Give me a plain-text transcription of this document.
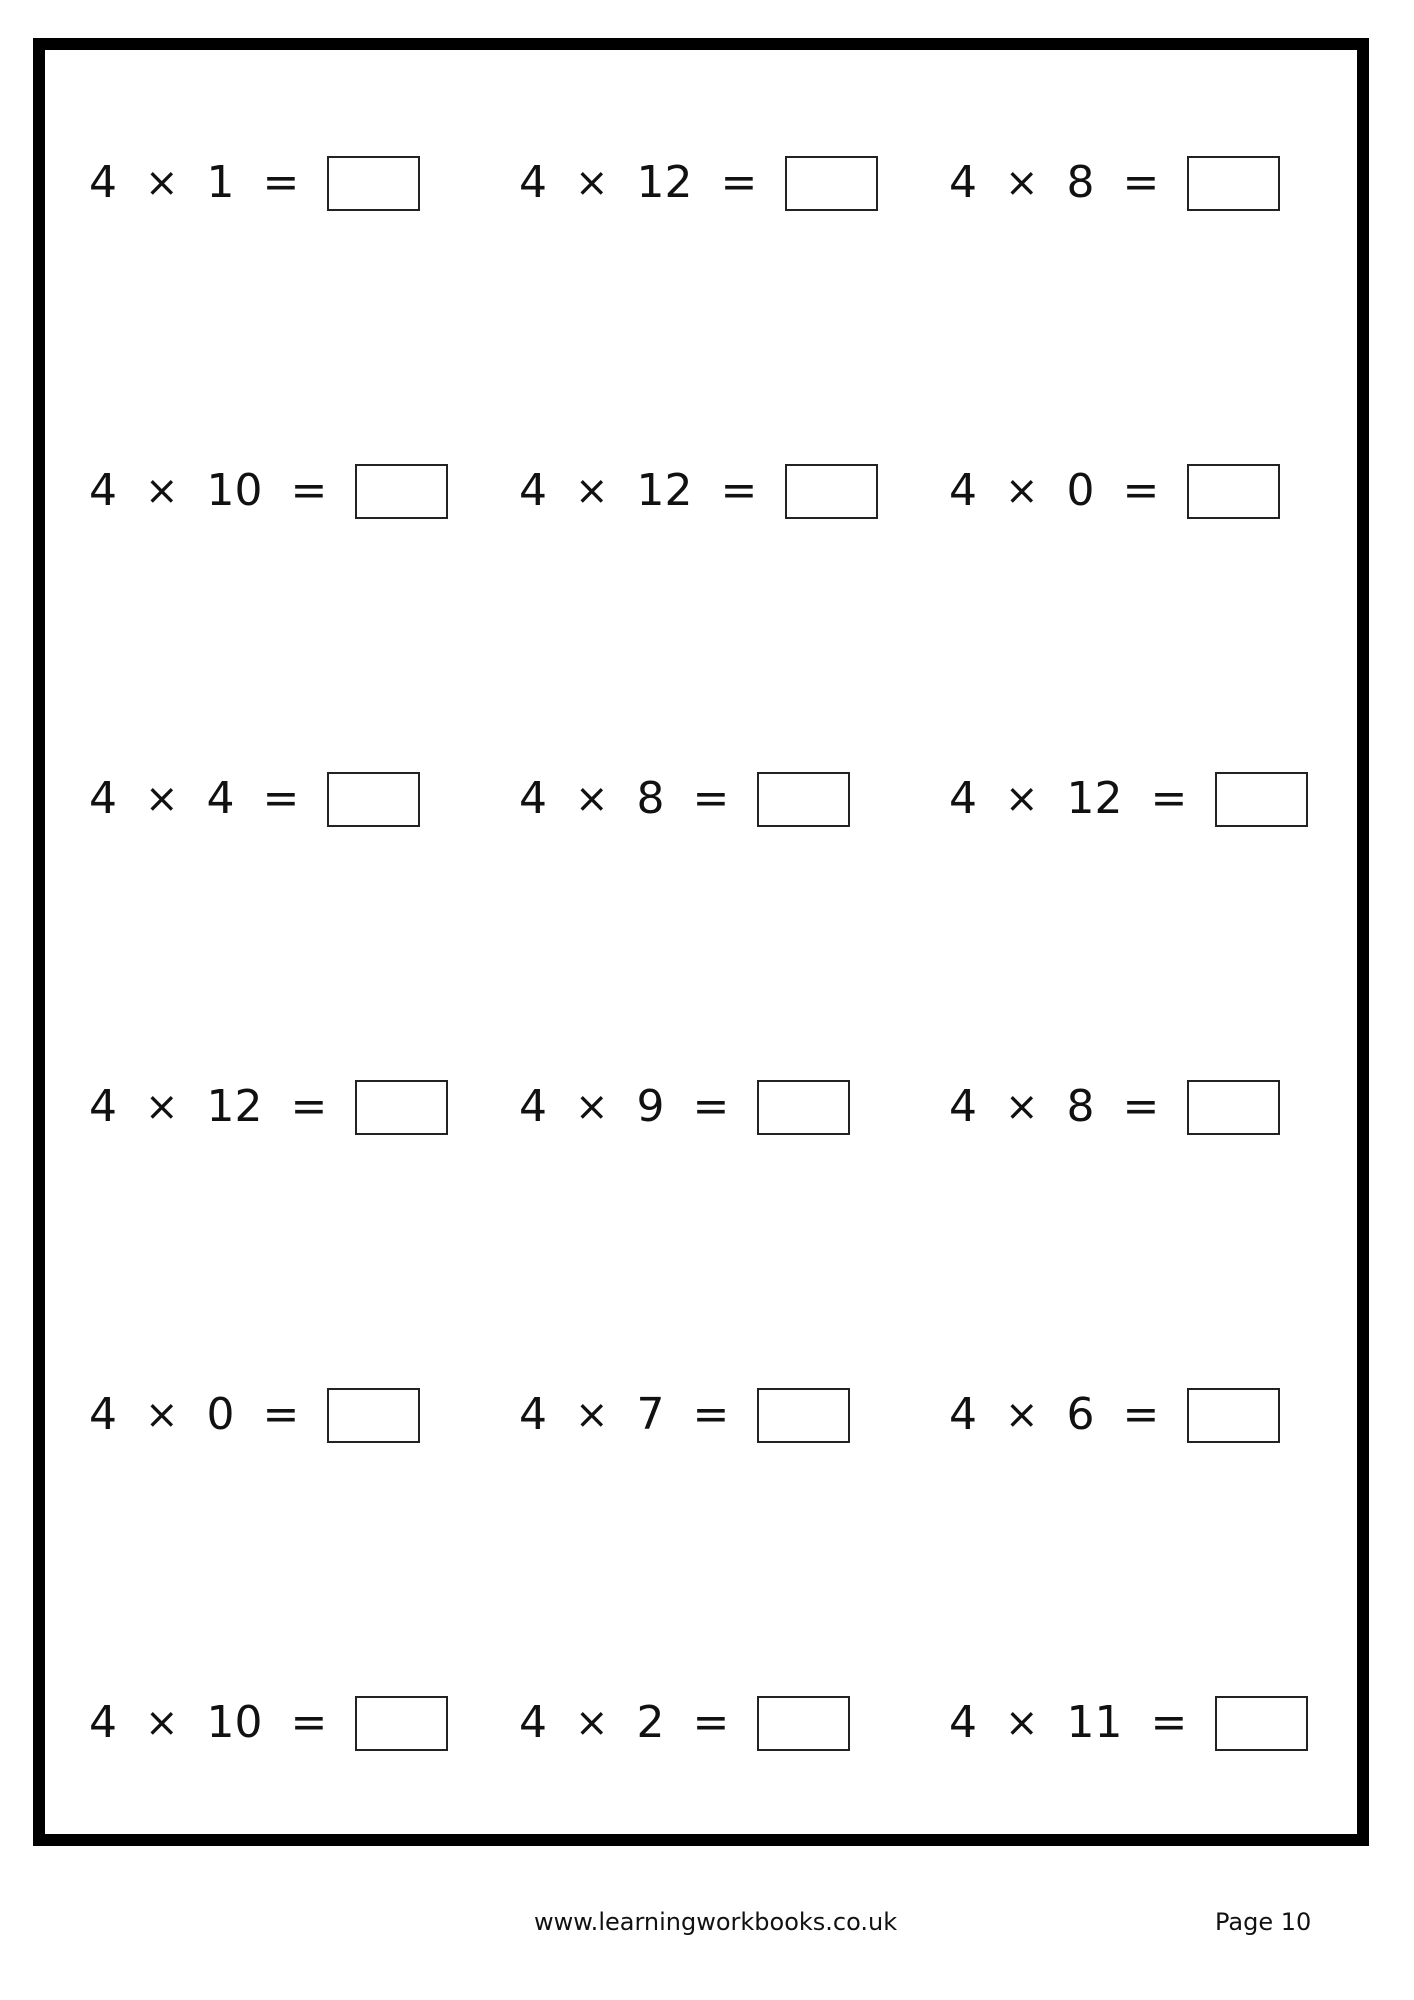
4 × 1 =	4 × 12 =	4 × 8 =
4 × 10 =	4 × 12 =	4 × 0 =
4 × 4 =	4 × 8 =	4 × 12 =
4 × 12 =	4 × 9 =	4 × 8 =
4 × 0 =	4 × 7 =	4 × 6 =
4 × 10 =	4 × 2 =	4 × 11 =
www.learningworkbooks.co.uk	Page 10
